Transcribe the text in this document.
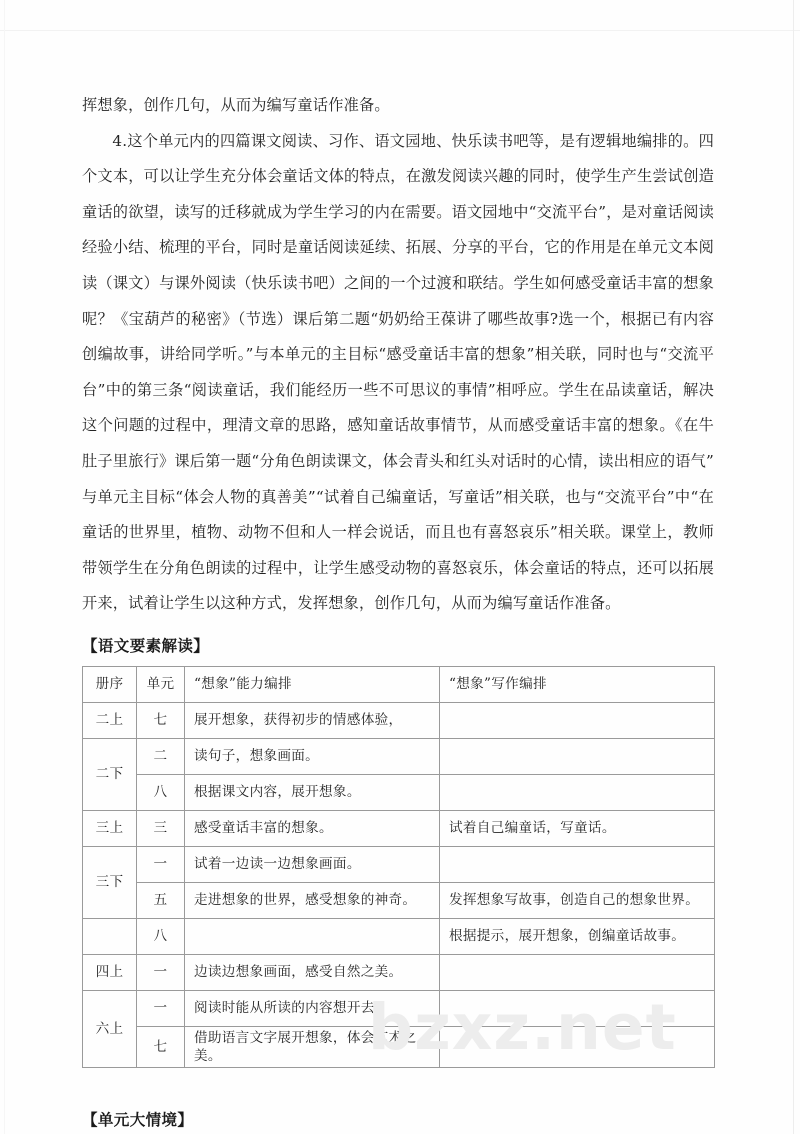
挥想象，创作几句，从而为编写童话作准备。

4.这个单元内的四篇课文阅读、习作、语文园地、快乐读书吧等，是有逻辑地编排的。四个文本，可以让学生充分体会童话文体的特点，在激发阅读兴趣的同时，使学生产生尝试创造童话的欲望，读写的迁移就成为学生学习的内在需要。语文园地中“交流平台”，是对童话阅读经验小结、梳理的平台，同时是童话阅读延续、拓展、分享的平台，它的作用是在单元文本阅读（课文）与课外阅读（快乐读书吧）之间的一个过渡和联结。学生如何感受童话丰富的想象呢？《宝葫芦的秘密》（节选）课后第二题“奶奶给王葆讲了哪些故事?选一个，根据已有内容创编故事，讲给同学听。”与本单元的主目标“感受童话丰富的想象”相关联，同时也与“交流平台”中的第三条“阅读童话，我们能经历一些不可思议的事情”相呼应。学生在品读童话，解决这个问题的过程中，理清文章的思路，感知童话故事情节，从而感受童话丰富的想象。《在牛肚子里旅行》课后第一题“分角色朗读课文，体会青头和红头对话时的心情，读出相应的语气”与单元主目标“体会人物的真善美”“试着自己编童话，写童话”相关联，也与“交流平台”中“在童话的世界里，植物、动物不但和人一样会说话，而且也有喜怒哀乐”相关联。课堂上，教师带领学生在分角色朗读的过程中，让学生感受动物的喜怒哀乐，体会童话的特点，还可以拓展开来，试着让学生以这种方式，发挥想象，创作几句，从而为编写童话作准备。

【语文要素解读】
册序	单元	“想象”能力编排	“想象”写作编排
二上	七	展开想象，获得初步的情感体验，	
二下	二	读句子，想象画面。	
	八	根据课文内容，展开想象。	
三上	三	感受童话丰富的想象。	试着自己编童话，写童话。
三下	一	试着一边读一边想象画面。	
	五	走进想象的世界，感受想象的神奇。	发挥想象写故事，创造自己的想象世界。
	八		根据提示，展开想象，创编童话故事。
四上	一	边读边想象画面，感受自然之美。	
六上	一	阅读时能从所读的内容想开去。	
	七	借助语言文字展开想象，体会艺术之美。	
【单元大情境】
bzxz.net
